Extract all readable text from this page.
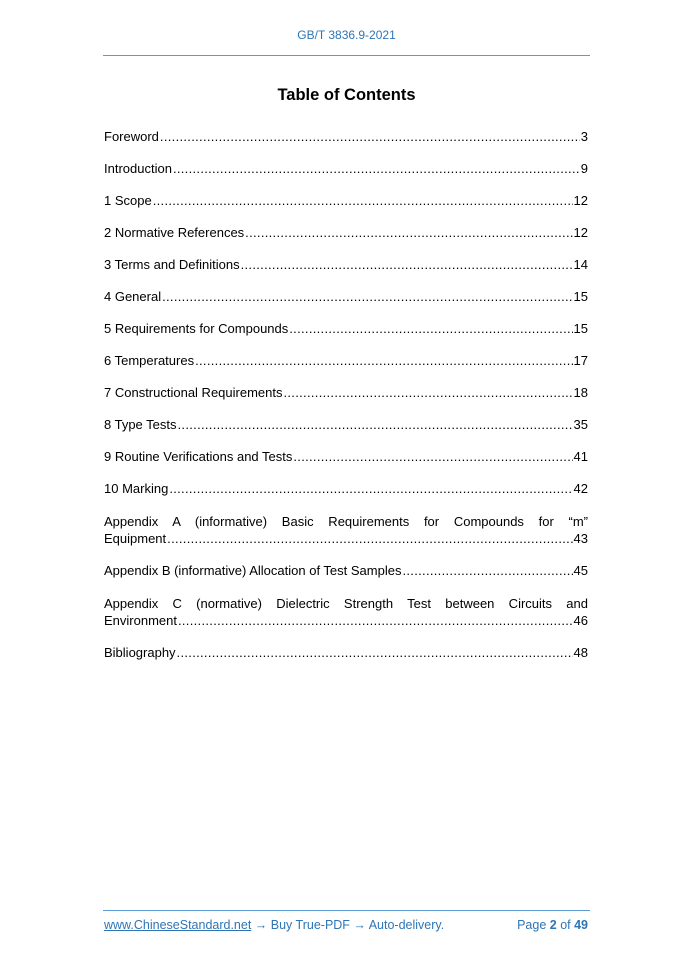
GB/T 3836.9-2021
Table of Contents
Foreword .....	3
Introduction .....	9
1 Scope .....	12
2 Normative References .....	12
3 Terms and Definitions .....	14
4 General .....	15
5 Requirements for Compounds .....	15
6 Temperatures .....	17
7 Constructional Requirements .....	18
8 Type Tests .....	35
9 Routine Verifications and Tests .....	41
10 Marking .....	42
Appendix A (informative) Basic Requirements for Compounds for “m”
Equipment .....	43
Appendix B (informative) Allocation of Test Samples .....	45
Appendix C (normative) Dielectric Strength Test between Circuits and
Environment .....	46
Bibliography .....	48
www.ChineseStandard.net → Buy True-PDF → Auto-delivery.	Page 2 of 49
